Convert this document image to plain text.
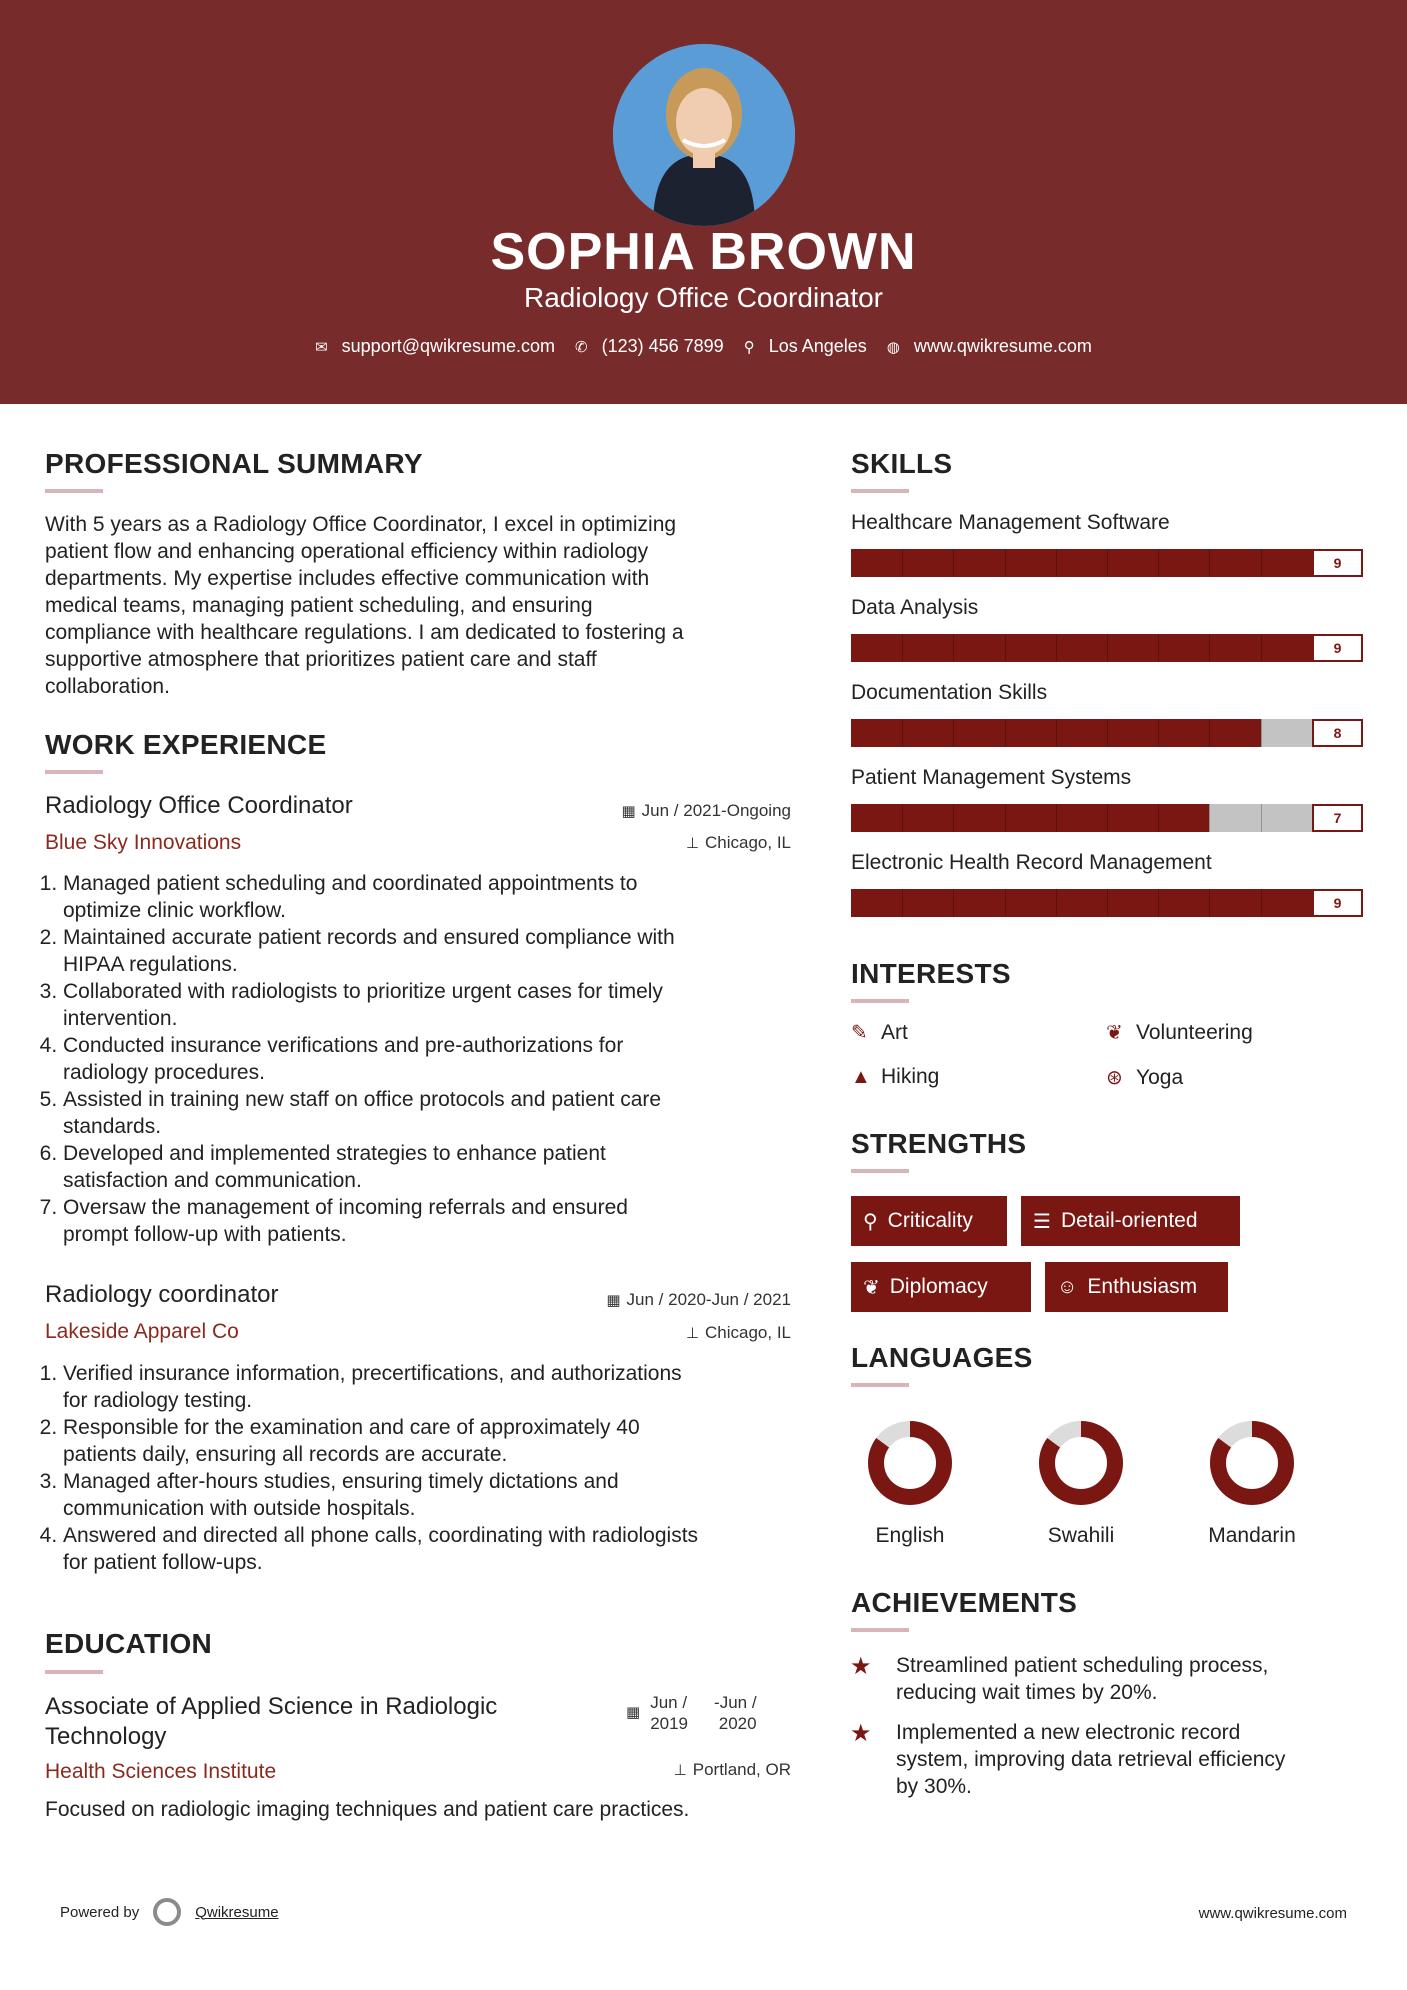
SOPHIA BROWN
Radiology Office Coordinator
✉ support@qwikresume.com ✆ (123) 456 7899 ⚲ Los Angeles ◍ www.qwikresume.com
PROFESSIONAL SUMMARY
With 5 years as a Radiology Office Coordinator, I excel in optimizing
patient flow and enhancing operational efficiency within radiology
departments. My expertise includes effective communication with
medical teams, managing patient scheduling, and ensuring
compliance with healthcare regulations. I am dedicated to fostering a
supportive atmosphere that prioritizes patient care and staff
collaboration.
WORK EXPERIENCE
Radiology Office Coordinator	▦ Jun / 2021-Ongoing
Blue Sky Innovations	⊥ Chicago, IL
1. Managed patient scheduling and coordinated appointments to
optimize clinic workflow.
2. Maintained accurate patient records and ensured compliance with
HIPAA regulations.
3. Collaborated with radiologists to prioritize urgent cases for timely
intervention.
4. Conducted insurance verifications and pre-authorizations for
radiology procedures.
5. Assisted in training new staff on office protocols and patient care
standards.
6. Developed and implemented strategies to enhance patient
satisfaction and communication.
7. Oversaw the management of incoming referrals and ensured
prompt follow-up with patients.
Radiology coordinator	▦ Jun / 2020-Jun / 2021
Lakeside Apparel Co	⊥ Chicago, IL
1. Verified insurance information, precertifications, and authorizations
for radiology testing.
2. Responsible for the examination and care of approximately 40
patients daily, ensuring all records are accurate.
3. Managed after-hours studies, ensuring timely dictations and
communication with outside hospitals.
4. Answered and directed all phone calls, coordinating with radiologists
for patient follow-ups.
EDUCATION
Associate of Applied Science in Radiologic
Technology
▦
Jun /
2019
-Jun /
2020
Health Sciences Institute	⊥ Portland, OR
Focused on radiologic imaging techniques and patient care practices.
SKILLS
Healthcare Management Software
9
Data Analysis
9
Documentation Skills
8
Patient Management Systems
7
Electronic Health Record Management
9
INTERESTS
✎ Art	❦ Volunteering
▲ Hiking	⊛ Yoga
STRENGTHS
⚲ Criticality	☰ Detail-oriented
❦ Diplomacy	☺ Enthusiasm
LANGUAGES
English	Swahili	Mandarin
ACHIEVEMENTS
★ Streamlined patient scheduling process,
reducing wait times by 20%.
★ Implemented a new electronic record
system, improving data retrieval efficiency
by 30%.
Powered by	Qwikresume	www.qwikresume.com
